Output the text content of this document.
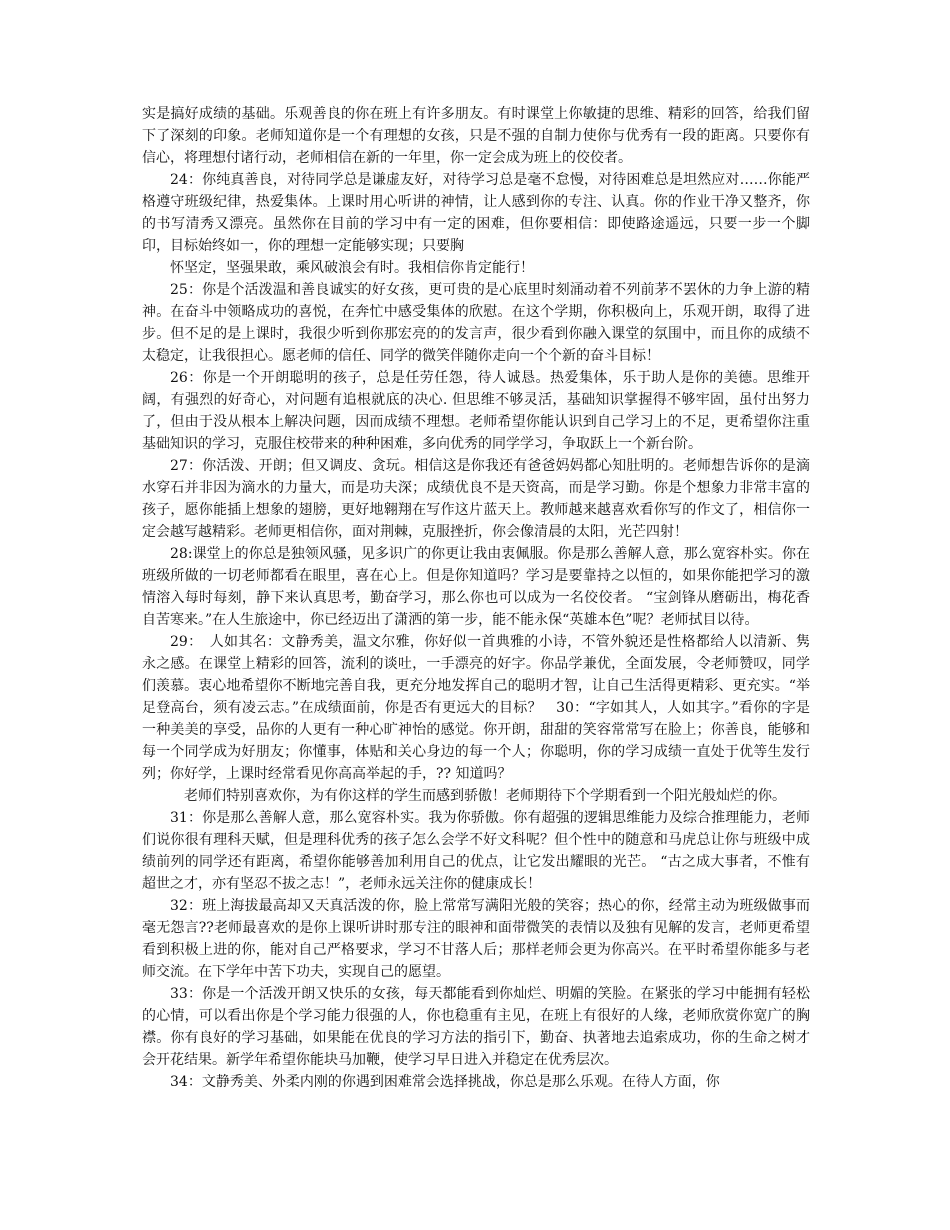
实是搞好成绩的基础。乐观善良的你在班上有许多朋友。有时课堂上你敏捷的思维、精彩的回答，给我们留下了深刻的印象。老师知道你是一个有理想的女孩，只是不强的自制力使你与优秀有一段的距离。只要你有信心，将理想付诸行动，老师相信在新的一年里，你一定会成为班上的佼佼者。

24：你纯真善良，对待同学总是谦虚友好，对待学习总是毫不怠慢，对待困难总是坦然应对……你能严格遵守班级纪律，热爱集体。上课时用心听讲的神情，让人感到你的专注、认真。你的作业干净又整齐，你的书写清秀又漂亮。虽然你在目前的学习中有一定的困难，但你要相信：即使路途遥远，只要一步一个脚印，目标始终如一，你的理想一定能够实现；只要胸

怀坚定，坚强果敢，乘风破浪会有时。我相信你肯定能行！

25：你是个活泼温和善良诚实的好女孩，更可贵的是心底里时刻涌动着不列前茅不罢休的力争上游的精神。在奋斗中领略成功的喜悦，在奔忙中感受集体的欣慰。在这个学期，你积极向上，乐观开朗，取得了进步。但不足的是上课时，我很少听到你那宏亮的的发言声，很少看到你融入课堂的氛围中，而且你的成绩不太稳定，让我很担心。愿老师的信任、同学的微笑伴随你走向一个个新的奋斗目标！

26：你是一个开朗聪明的孩子，总是任劳任怨，待人诚恳。热爱集体，乐于助人是你的美德。思维开阔，有强烈的好奇心，对问题有追根就底的决心. 但思维不够灵活，基础知识掌握得不够牢固，虽付出努力了，但由于没从根本上解决问题，因而成绩不理想。老师希望你能认识到自己学习上的不足，更希望你注重基础知识的学习，克服住校带来的种种困难，多向优秀的同学学习，争取跃上一个新台阶。

27：你活泼、开朗；但又调皮、贪玩。相信这是你我还有爸爸妈妈都心知肚明的。老师想告诉你的是滴水穿石并非因为滴水的力量大，而是功夫深；成绩优良不是天资高，而是学习勤。你是个想象力非常丰富的孩子，愿你能插上想象的翅膀，更好地翱翔在写作这片蓝天上。教师越来越喜欢看你写的作文了，相信你一定会越写越精彩。老师更相信你，面对荆棘，克服挫折，你会像清晨的太阳，光芒四射！

28:课堂上的你总是独领风骚，见多识广的你更让我由衷佩服。你是那么善解人意，那么宽容朴实。你在班级所做的一切老师都看在眼里，喜在心上。但是你知道吗？学习是要靠持之以恒的，如果你能把学习的激情溶入每时每刻，静下来认真思考，勤奋学习，那么你也可以成为一名佼佼者。 “宝剑锋从磨砺出，梅花香自苦寒来。”在人生旅途中，你已经迈出了潇洒的第一步，能不能永保“英雄本色”呢？老师拭目以待。

29：　人如其名：文静秀美，温文尔雅，你好似一首典雅的小诗，不管外貌还是性格都给人以清新、隽永之感。在课堂上精彩的回答，流利的谈吐，一手漂亮的好字。你品学兼优，全面发展，令老师赞叹，同学们羡慕。衷心地希望你不断地完善自我，更充分地发挥自己的聪明才智，让自己生活得更精彩、更充实。“举足登高台，须有凌云志。”在成绩面前，你是否有更远大的目标？　30：“字如其人，人如其字。”看你的字是一种美美的享受，品你的人更有一种心旷神怡的感觉。你开朗，甜甜的笑容常常写在脸上；你善良，能够和每一个同学成为好朋友；你懂事，体贴和关心身边的每一个人；你聪明，你的学习成绩一直处于优等生发行列；你好学，上课时经常看见你高高举起的手，?? 知道吗？

　老师们特别喜欢你，为有你这样的学生而感到骄傲！老师期待下个学期看到一个阳光般灿烂的你。

31：你是那么善解人意，那么宽容朴实。我为你骄傲。你有超强的逻辑思维能力及综合推理能力，老师们说你很有理科天赋，但是理科优秀的孩子怎么会学不好文科呢？但个性中的随意和马虎总让你与班级中成绩前列的同学还有距离，希望你能够善加利用自己的优点，让它发出耀眼的光芒。 “古之成大事者，不惟有超世之才，亦有坚忍不拔之志！”，老师永远关注你的健康成长！

32：班上海拔最高却又天真活泼的你，脸上常常写满阳光般的笑容；热心的你，经常主动为班级做事而毫无怨言??老师最喜欢的是你上课听讲时那专注的眼神和面带微笑的表情以及独有见解的发言，老师更希望看到积极上进的你，能对自己严格要求，学习不甘落人后；那样老师会更为你高兴。在平时希望你能多与老师交流。在下学年中苦下功夫，实现自己的愿望。

33：你是一个活泼开朗又快乐的女孩，每天都能看到你灿烂、明媚的笑脸。在紧张的学习中能拥有轻松的心情，可以看出你是个学习能力很强的人，你也稳重有主见，在班上有很好的人缘，老师欣赏你宽广的胸襟。你有良好的学习基础，如果能在优良的学习方法的指引下，勤奋、执著地去追索成功，你的生命之树才会开花结果。新学年希望你能块马加鞭，使学习早日进入并稳定在优秀层次。

34：文静秀美、外柔内刚的你遇到困难常会选择挑战，你总是那么乐观。在待人方面，你
